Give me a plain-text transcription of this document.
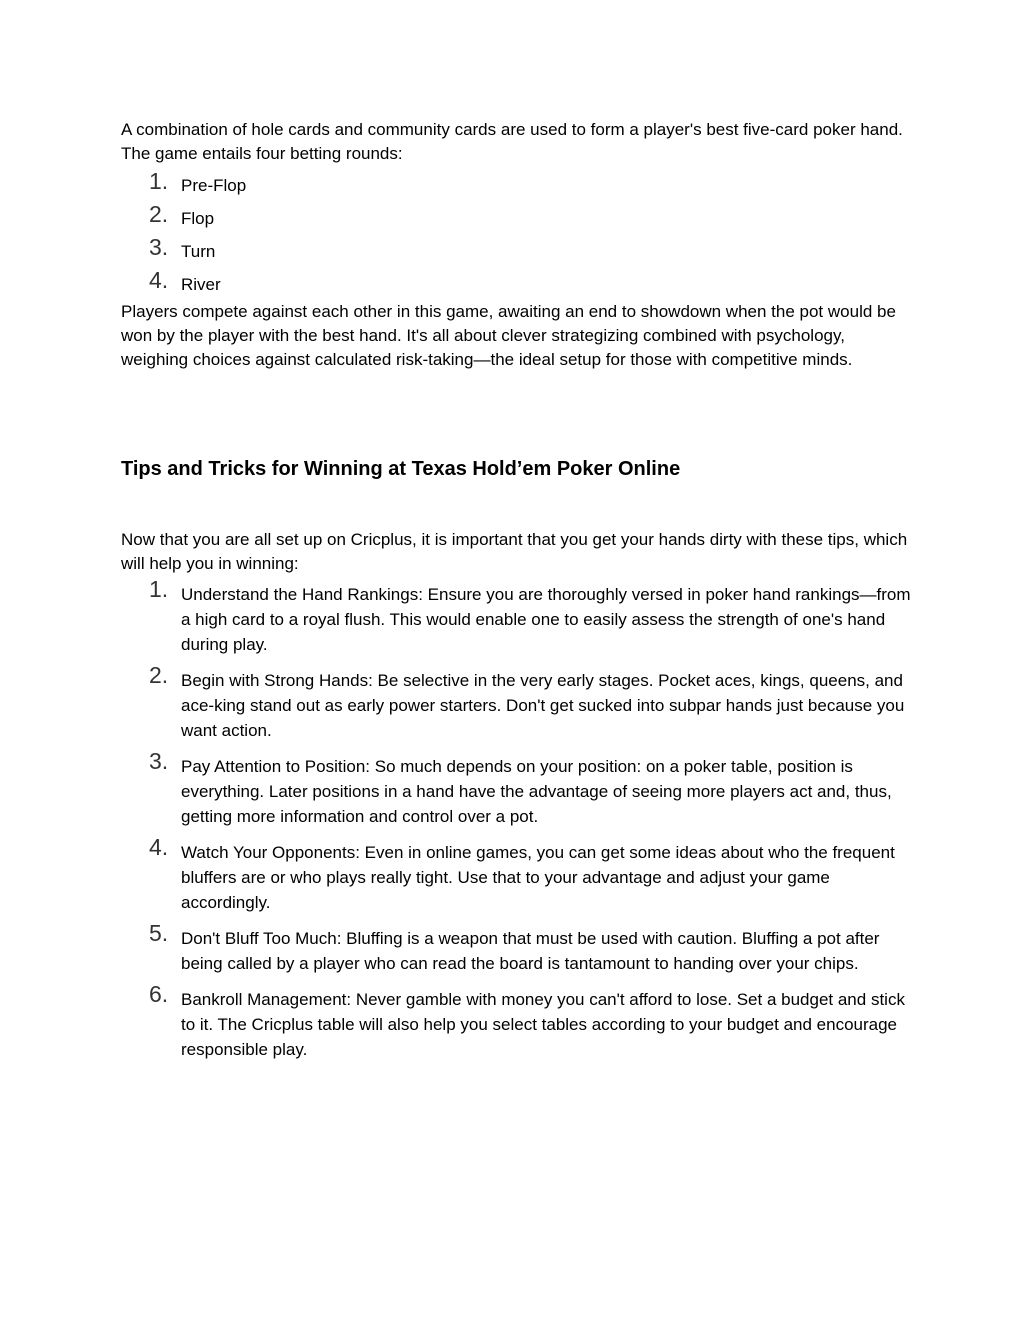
A combination of hole cards and community cards are used to form a player's best five-card poker hand.

The game entails four betting rounds:

1. Pre-Flop
2. Flop
3. Turn
4. River

Players compete against each other in this game, awaiting an end to showdown when the pot would be won by the player with the best hand. It's all about clever strategizing combined with psychology, weighing choices against calculated risk-taking—the ideal setup for those with competitive minds.

Tips and Tricks for Winning at Texas Hold’em Poker Online

Now that you are all set up on Cricplus, it is important that you get your hands dirty with these tips, which will help you in winning:

1. Understand the Hand Rankings: Ensure you are thoroughly versed in poker hand rankings—from a high card to a royal flush. This would enable one to easily assess the strength of one's hand during play.
2. Begin with Strong Hands: Be selective in the very early stages. Pocket aces, kings, queens, and ace-king stand out as early power starters. Don't get sucked into subpar hands just because you want action.
3. Pay Attention to Position: So much depends on your position: on a poker table, position is everything. Later positions in a hand have the advantage of seeing more players act and, thus, getting more information and control over a pot.
4. Watch Your Opponents: Even in online games, you can get some ideas about who the frequent bluffers are or who plays really tight. Use that to your advantage and adjust your game accordingly.
5. Don't Bluff Too Much: Bluffing is a weapon that must be used with caution. Bluffing a pot after being called by a player who can read the board is tantamount to handing over your chips.
6. Bankroll Management: Never gamble with money you can't afford to lose. Set a budget and stick to it. The Cricplus table will also help you select tables according to your budget and encourage responsible play.
